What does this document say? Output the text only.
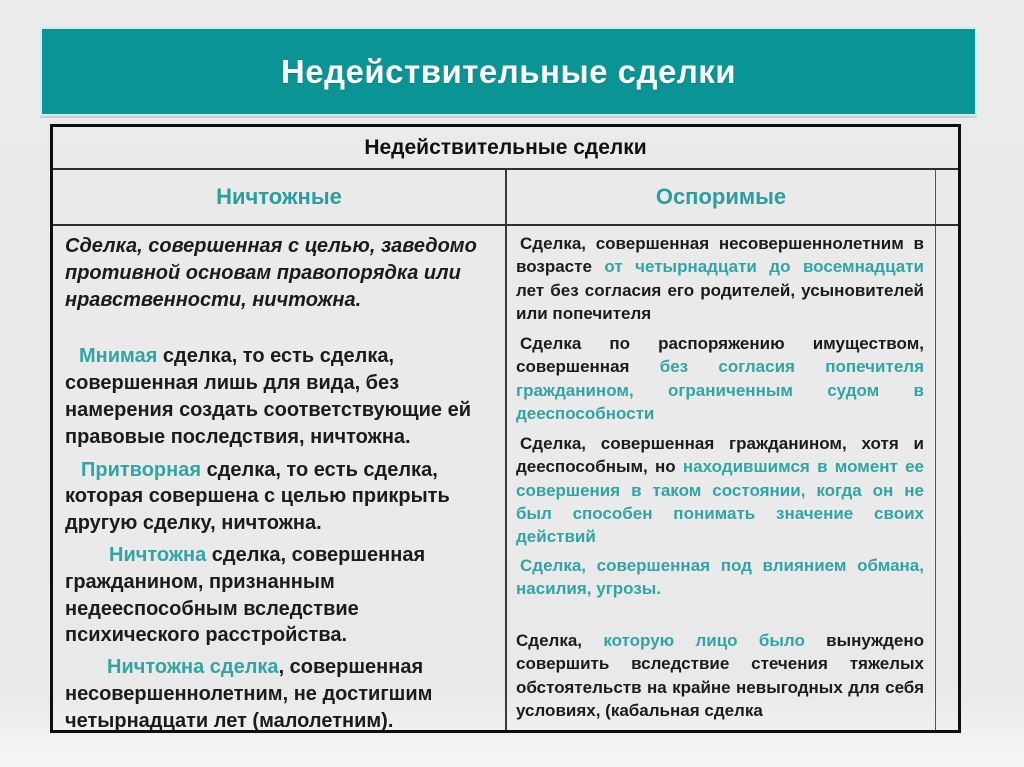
Недействительные сделки
Недействительные сделки
Ничтожные	Оспоримые

Сделка, совершенная с целью, заведомо противной основам правопорядка или нравственности, ничтожна.

Мнимая сделка, то есть сделка, совершенная лишь для вида, без намерения создать соответствующие ей правовые последствия, ничтожна.

Притворная сделка, то есть сделка, которая совершена с целью прикрыть другую сделку, ничтожна.

Ничтожна сделка, совершенная гражданином, признанным недееспособным вследствие психического расстройства.

Ничтожна сделка, совершенная несовершеннолетним, не достигшим четырнадцати лет (малолетним).

Сделка, совершенная несовершеннолетним в возрасте от четырнадцати до восемнадцати лет без согласия его родителей, усыновителей или попечителя

Сделка по распоряжению имуществом, совершенная без согласия попечителя гражданином, ограниченным судом в дееспособности

Сделка, совершенная гражданином, хотя и дееспособным, но находившимся в момент ее совершения в таком состоянии, когда он не был способен понимать значение своих действий

Сделка, совершенная под влиянием обмана, насилия, угрозы.

Сделка, которую лицо было вынуждено совершить вследствие стечения тяжелых обстоятельств на крайне невыгодных для себя условиях, (кабальная сделка
